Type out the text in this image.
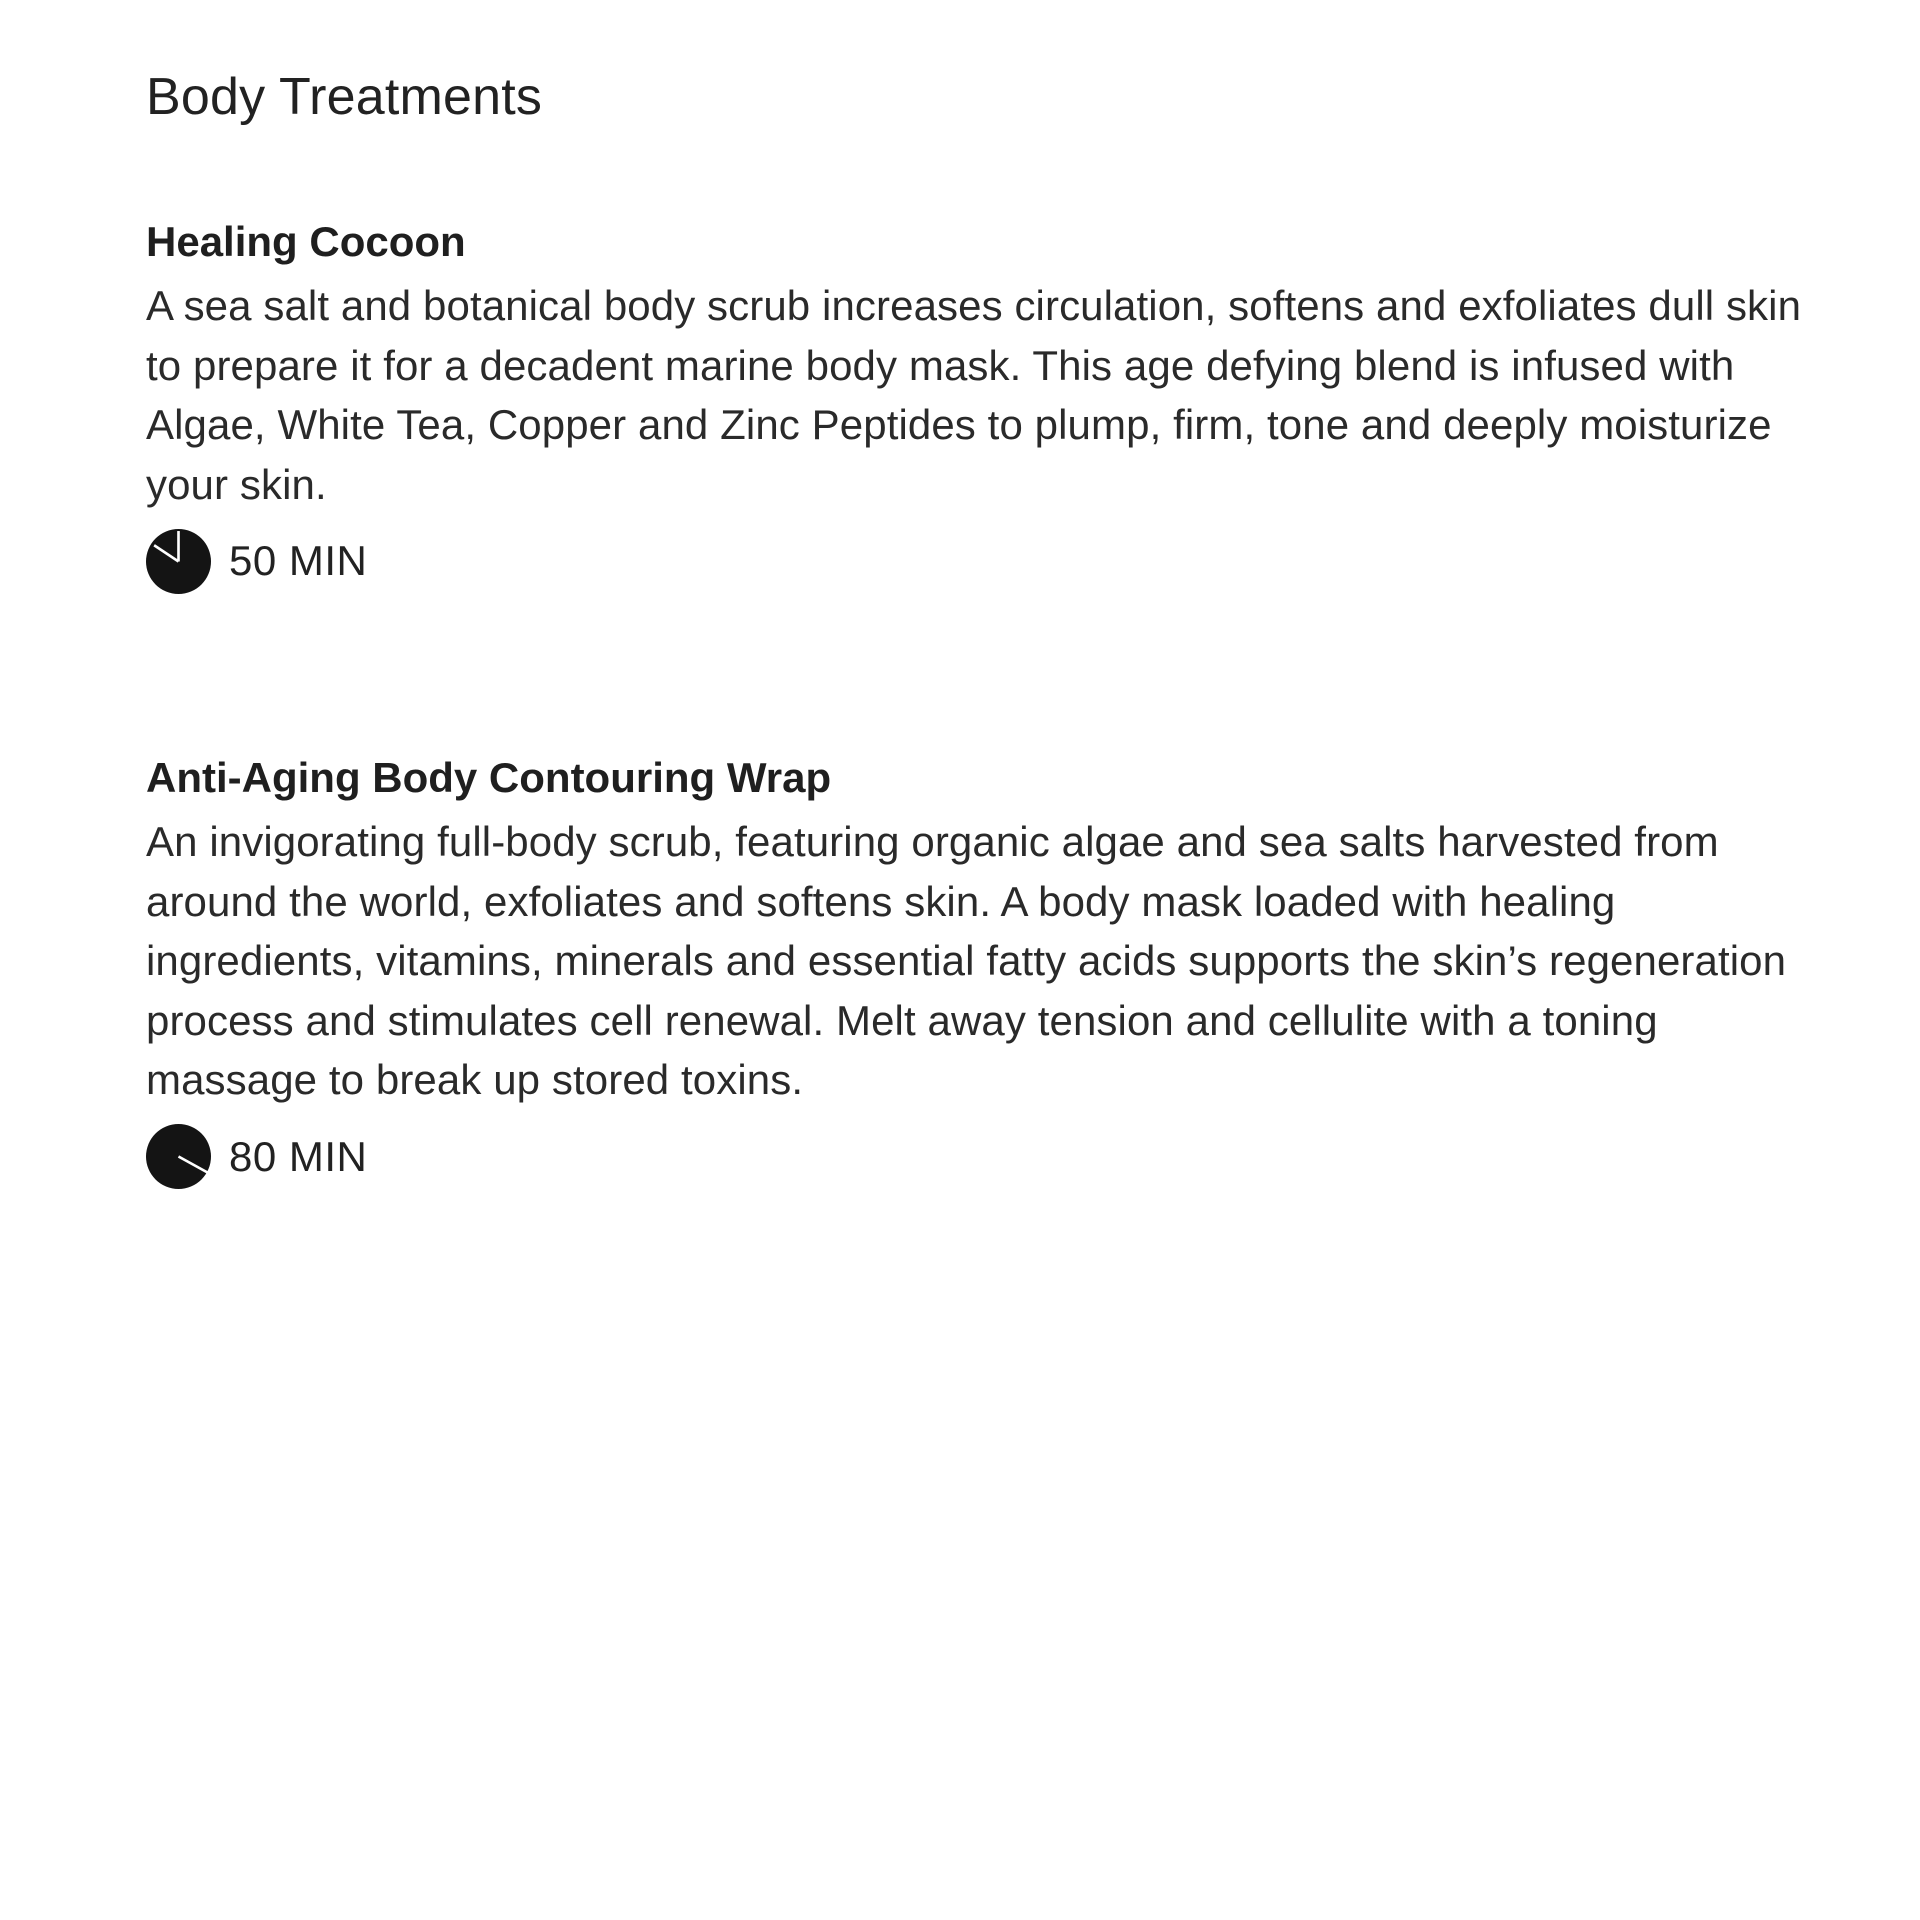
Body Treatments
Healing Cocoon

A sea salt and botanical body scrub increases circulation, softens and exfoliates dull skin to prepare it for a decadent marine body mask. This age defying blend is infused with Algae, White Tea, Copper and Zinc Peptides to plump, firm, tone and deeply moisturize your skin.

50 MIN
Anti-Aging Body Contouring Wrap

An invigorating full-body scrub, featuring organic algae and sea salts harvested from around the world, exfoliates and softens skin. A body mask loaded with healing ingredients, vitamins, minerals and essential fatty acids supports the skin’s regeneration process and stimulates cell renewal. Melt away tension and cellulite with a toning massage to break up stored toxins.

80 MIN
